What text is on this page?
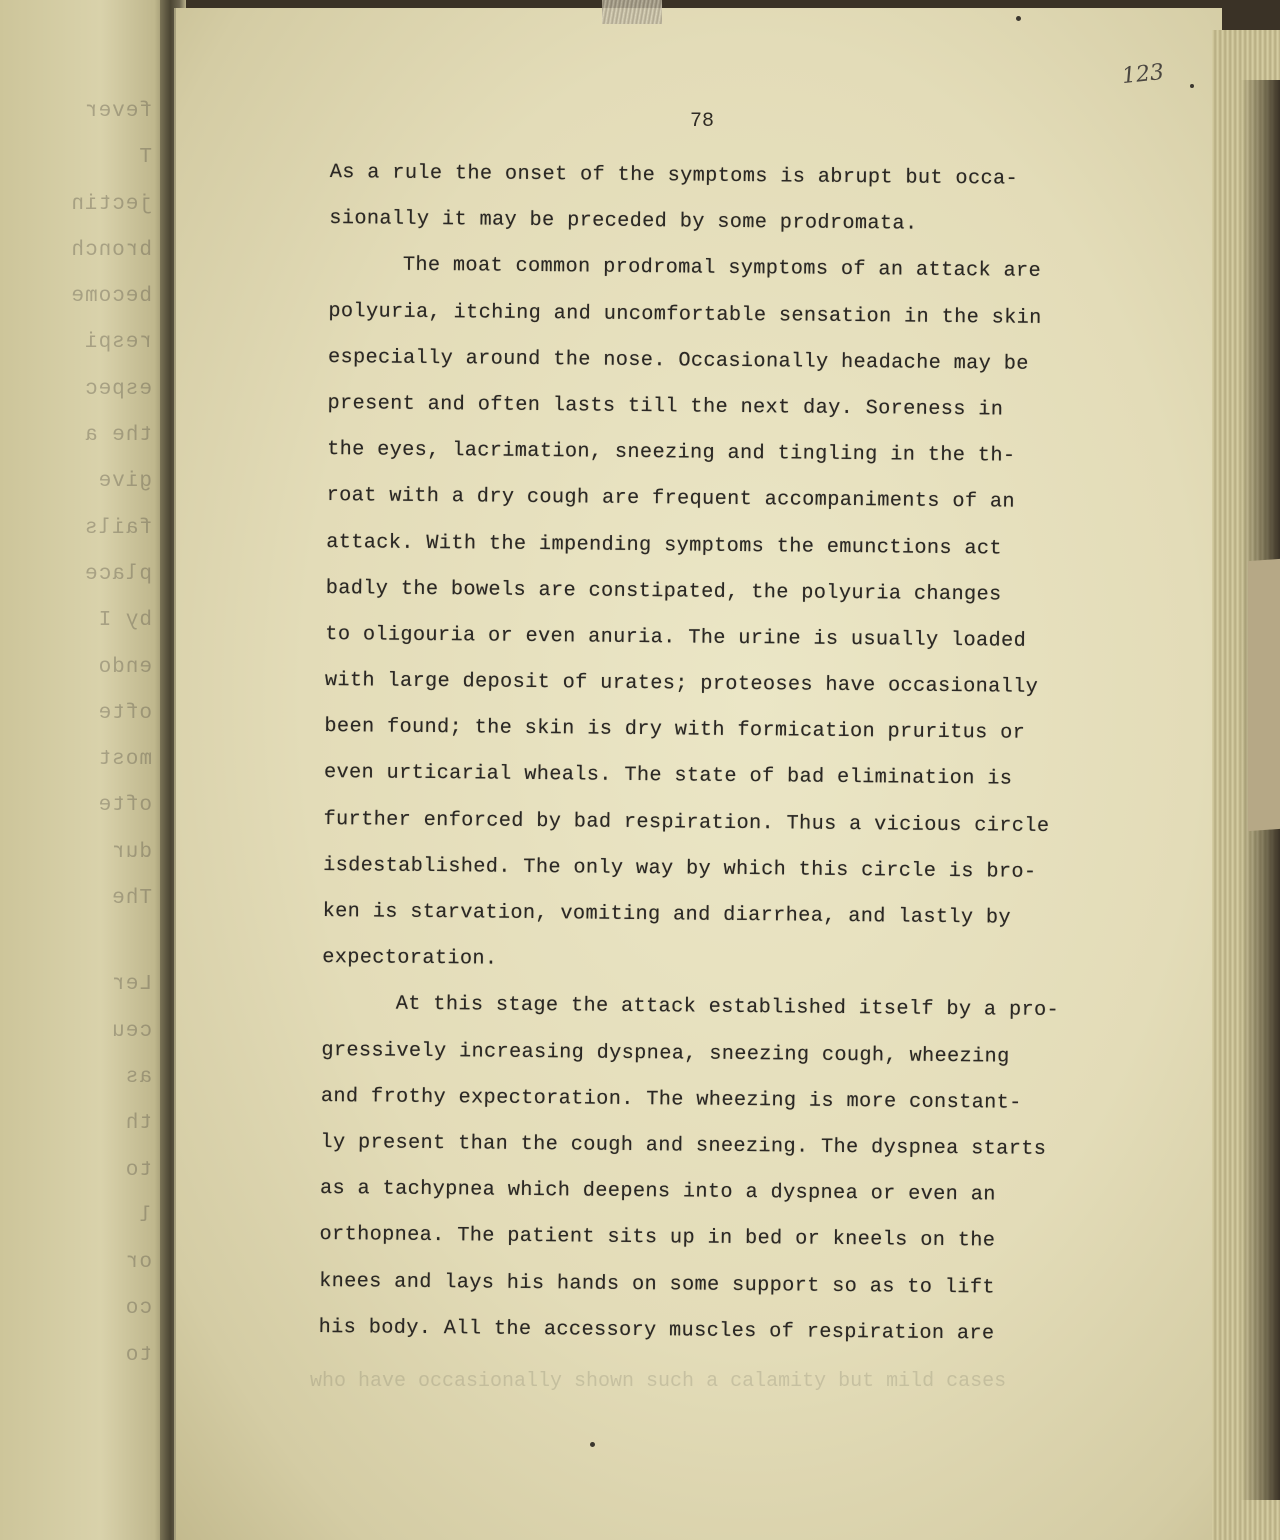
fever
T
jectin
bronch
become
respi
espec
the a
give
fails
place
by I
endo
ofte
most
ofte
dur
The
Ler
ceu
as
th
to
l
or
co
to

123

78

As a rule the onset of the symptoms is abrupt but occa-
sionally it may be preceded by some prodromata.
The moat common prodromal symptoms of an attack are
polyuria, itching and uncomfortable sensation in the skin
especially around the nose. Occasionally headache may be
present and often lasts till the next day. Soreness in
the eyes, lacrimation, sneezing and tingling in the th-
roat with a dry cough are frequent accompaniments of an
attack. With the impending symptoms the emunctions act
badly the bowels are constipated, the polyuria changes
to oligouria or even anuria. The urine is usually loaded
with large deposit of urates; proteoses have occasionally
been found; the skin is dry with formication pruritus or
even urticarial wheals. The state of bad elimination is
further enforced by bad respiration. Thus a vicious circle
isdestablished. The only way by which this circle is bro-
ken is starvation, vomiting and diarrhea, and lastly by
expectoration.
At this stage the attack established itself by a pro-
gressively increasing dyspnea, sneezing cough, wheezing
and frothy expectoration. The wheezing is more constant-
ly present than the cough and sneezing. The dyspnea starts
as a tachypnea which deepens into a dyspnea or even an
orthopnea. The patient sits up in bed or kneels on the
knees and lays his hands on some support so as to lift
his body. All the accessory muscles of respiration are

who have occasionally shown such a calamity but mild cases
